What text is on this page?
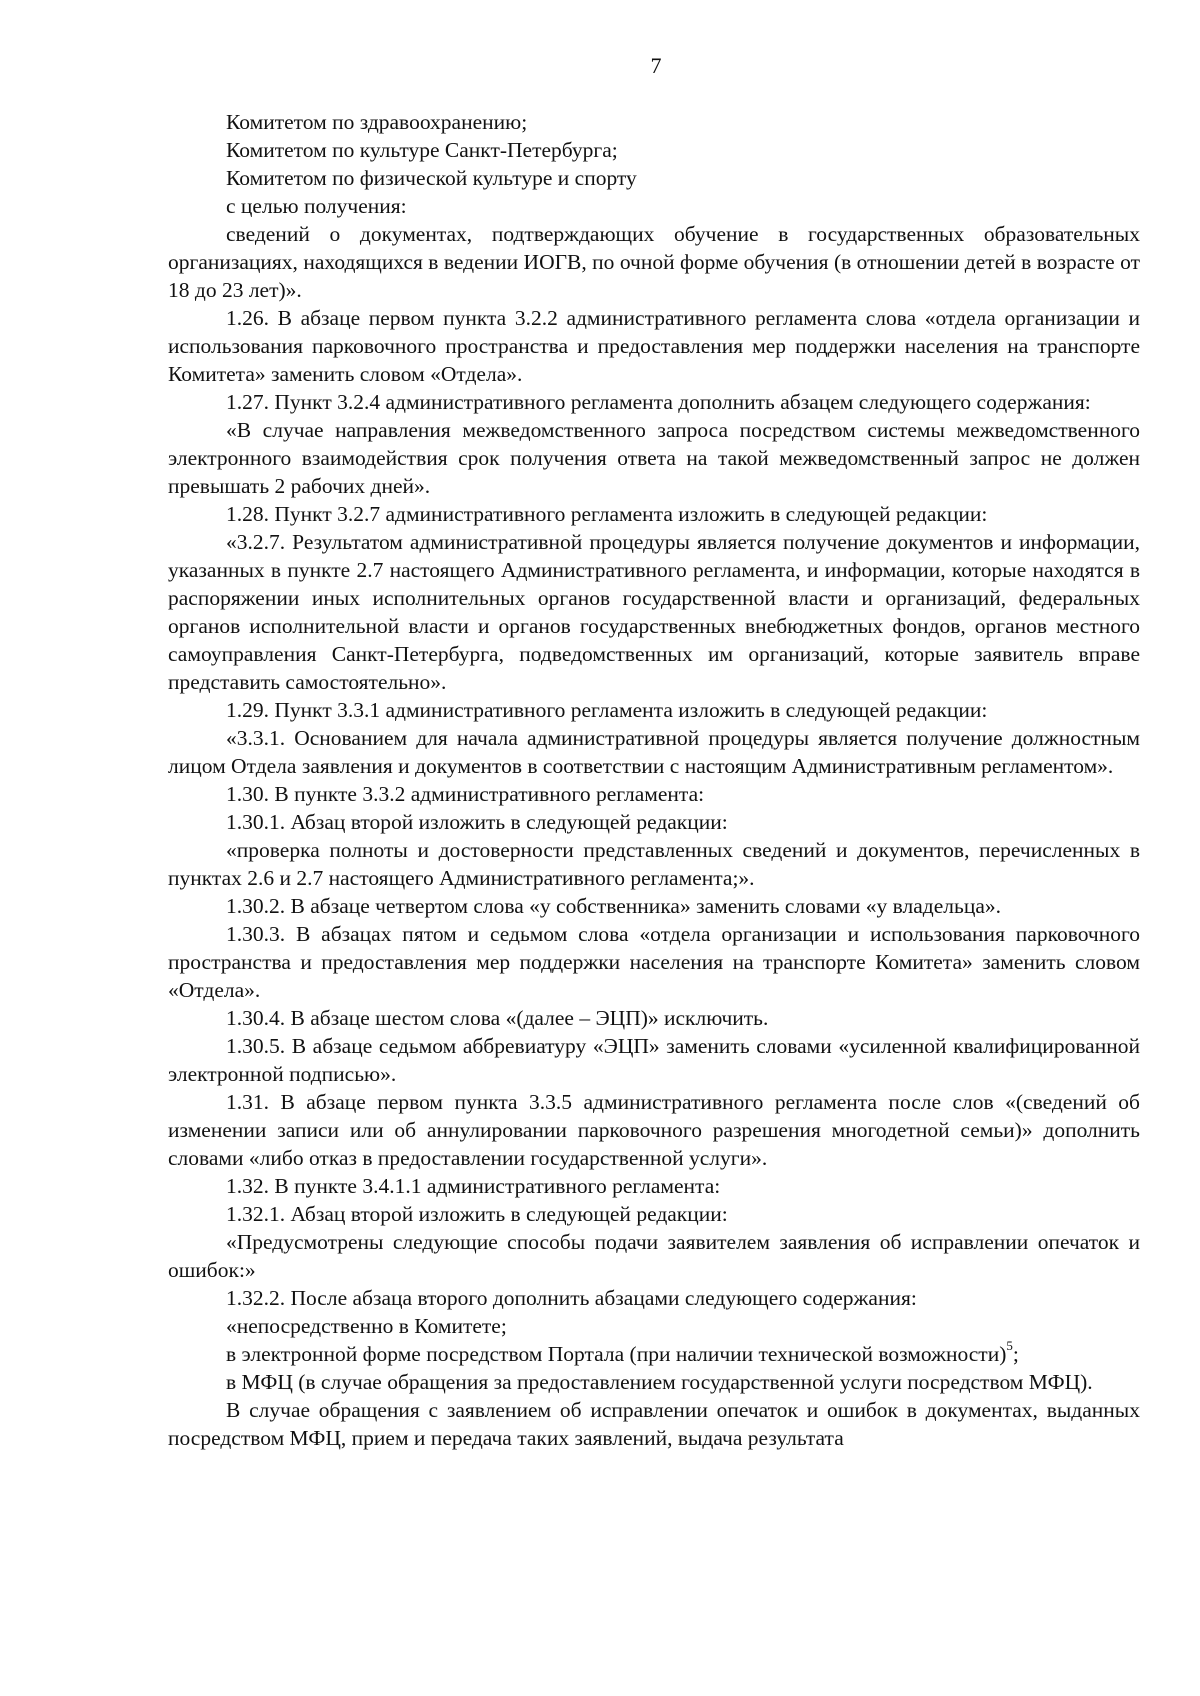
7

Комитетом по здравоохранению;

Комитетом по культуре Санкт-Петербурга;

Комитетом по физической культуре и спорту

с целью получения:

сведений о документах, подтверждающих обучение в государственных образовательных организациях, находящихся в ведении ИОГВ, по очной форме обучения (в отношении детей в возрасте от 18 до 23 лет)».

1.26. В абзаце первом пункта 3.2.2 административного регламента слова «отдела организации и использования парковочного пространства и предоставления мер поддержки населения на транспорте Комитета» заменить словом «Отдела».

1.27. Пункт 3.2.4 административного регламента дополнить абзацем следующего содержания:

«В случае направления межведомственного запроса посредством системы межведомственного электронного взаимодействия срок получения ответа на такой межведомственный запрос не должен превышать 2 рабочих дней».

1.28. Пункт 3.2.7 административного регламента изложить в следующей редакции:

«3.2.7. Результатом административной процедуры является получение документов и информации, указанных в пункте 2.7 настоящего Административного регламента, и информации, которые находятся в распоряжении иных исполнительных органов государственной власти и организаций, федеральных органов исполнительной власти и органов государственных внебюджетных фондов, органов местного самоуправления Санкт-Петербурга, подведомственных им организаций, которые заявитель вправе представить самостоятельно».

1.29. Пункт 3.3.1 административного регламента изложить в следующей редакции:

«3.3.1. Основанием для начала административной процедуры является получение должностным лицом Отдела заявления и документов в соответствии с настоящим Административным регламентом».

1.30. В пункте 3.3.2 административного регламента:

1.30.1. Абзац второй изложить в следующей редакции:

«проверка полноты и достоверности представленных сведений и документов, перечисленных в пунктах 2.6 и 2.7 настоящего Административного регламента;».

1.30.2. В абзаце четвертом слова «у собственника» заменить словами «у владельца».

1.30.3. В абзацах пятом и седьмом слова «отдела организации и использования парковочного пространства и предоставления мер поддержки населения на транспорте Комитета» заменить словом «Отдела».

1.30.4. В абзаце шестом слова «(далее – ЭЦП)» исключить.

1.30.5. В абзаце седьмом аббревиатуру «ЭЦП» заменить словами «усиленной квалифицированной электронной подписью».

1.31. В абзаце первом пункта 3.3.5 административного регламента после слов «(сведений об изменении записи или об аннулировании парковочного разрешения многодетной семьи)» дополнить словами «либо отказ в предоставлении государственной услуги».

1.32. В пункте 3.4.1.1 административного регламента:

1.32.1. Абзац второй изложить в следующей редакции:

«Предусмотрены следующие способы подачи заявителем заявления об исправлении опечаток и ошибок:»

1.32.2. После абзаца второго дополнить абзацами следующего содержания:

«непосредственно в Комитете;

в электронной форме посредством Портала (при наличии технической возможности)$^5$;

в МФЦ (в случае обращения за предоставлением государственной услуги посредством МФЦ).

В случае обращения с заявлением об исправлении опечаток и ошибок в документах, выданных посредством МФЦ, прием и передача таких заявлений, выдача результата
